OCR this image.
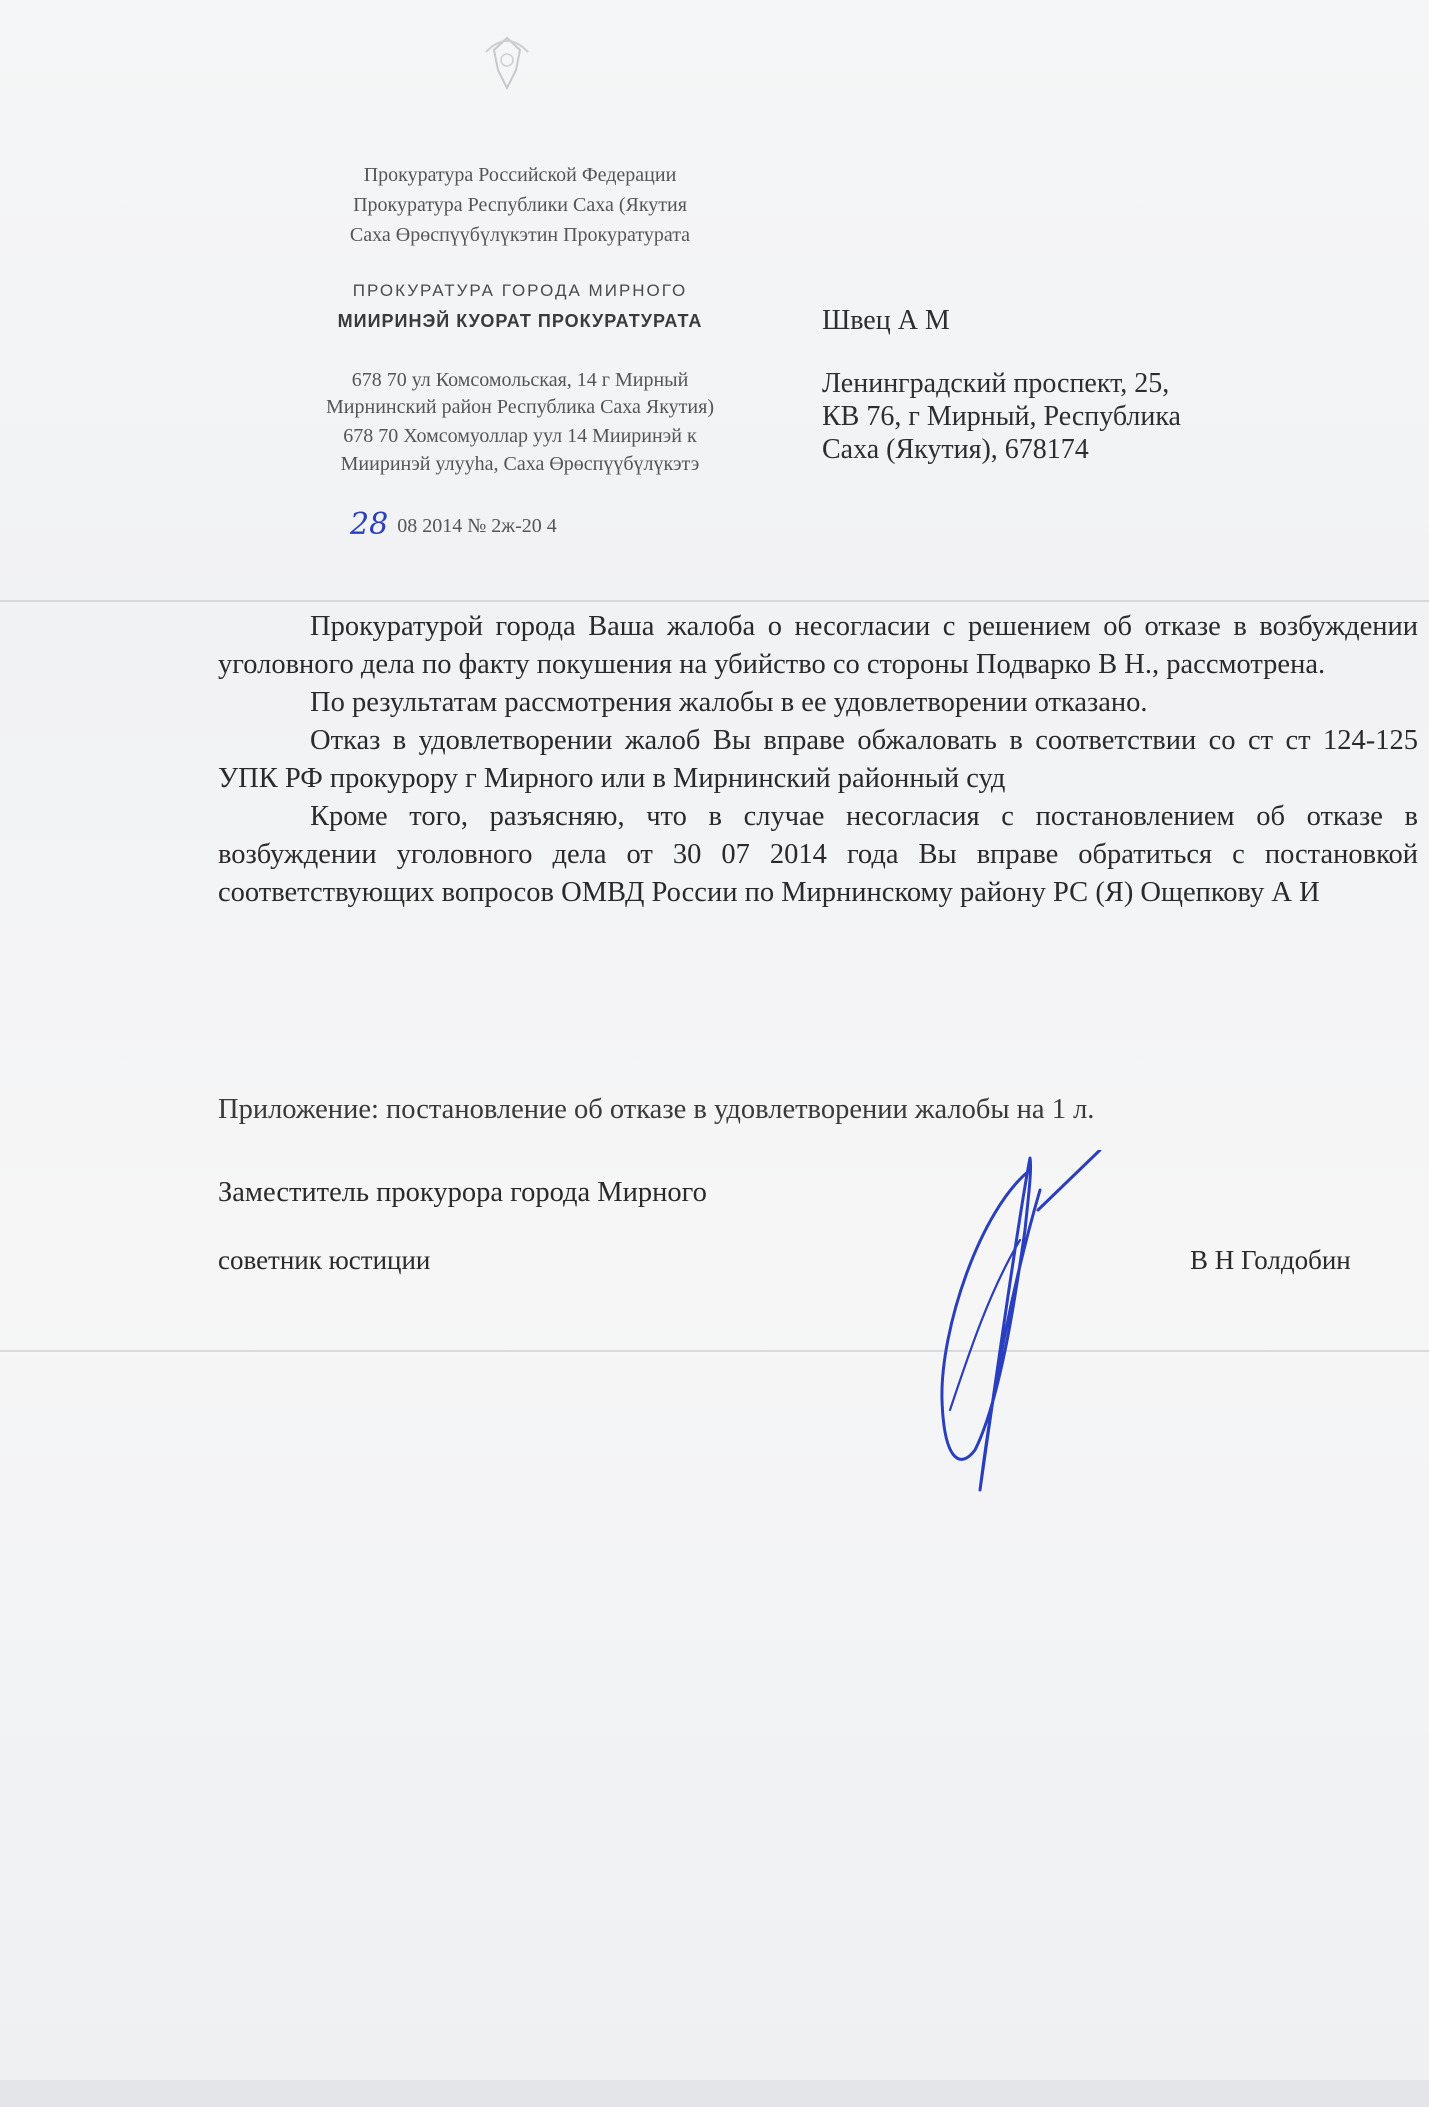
Прокуратура Российской Федерации
Прокуратура Республики Саха (Якутия
Саха Өрөспүүбүлүкэтин Прокуратурата
ПРОКУРАТУРА ГОРОДА МИРНОГО
МИИРИНЭЙ КУОРАТ ПРОКУРАТУРАТА
678 70 ул Комсомольская, 14 г Мирный
Мирнинский район Республика Саха Якутия)
678 70 Хомсомуоллар уул 14 Мииринэй к
Мииринэй улууhа, Саха Өрөспүүбүлүкэтэ
28 08 2014 № 2ж-20 4
Швец А М
Ленинградский проспект, 25,
КВ 76, г Мирный, Республика
Саха (Якутия), 678174

Прокуратурой города Ваша жалоба о несогласии с решением об отказе в возбуждении уголовного дела по факту покушения на убийство со стороны Подварко В Н., рассмотрена.

По результатам рассмотрения жалобы в ее удовлетворении отказано.

Отказ в удовлетворении жалоб Вы вправе обжаловать в соответствии со ст ст 124-125 УПК РФ прокурору г Мирного или в Мирнинский районный суд

Кроме того, разъясняю, что в случае несогласия с постановлением об отказе в возбуждении уголовного дела от 30 07 2014 года Вы вправе обратиться с постановкой соответствующих вопросов ОМВД России по Мирнинскому району РС (Я) Ощепкову А И

Приложение: постановление об отказе в удовлетворении жалобы на 1 л.
Заместитель прокурора города Мирного
советник юстиции	В Н Голдобин
